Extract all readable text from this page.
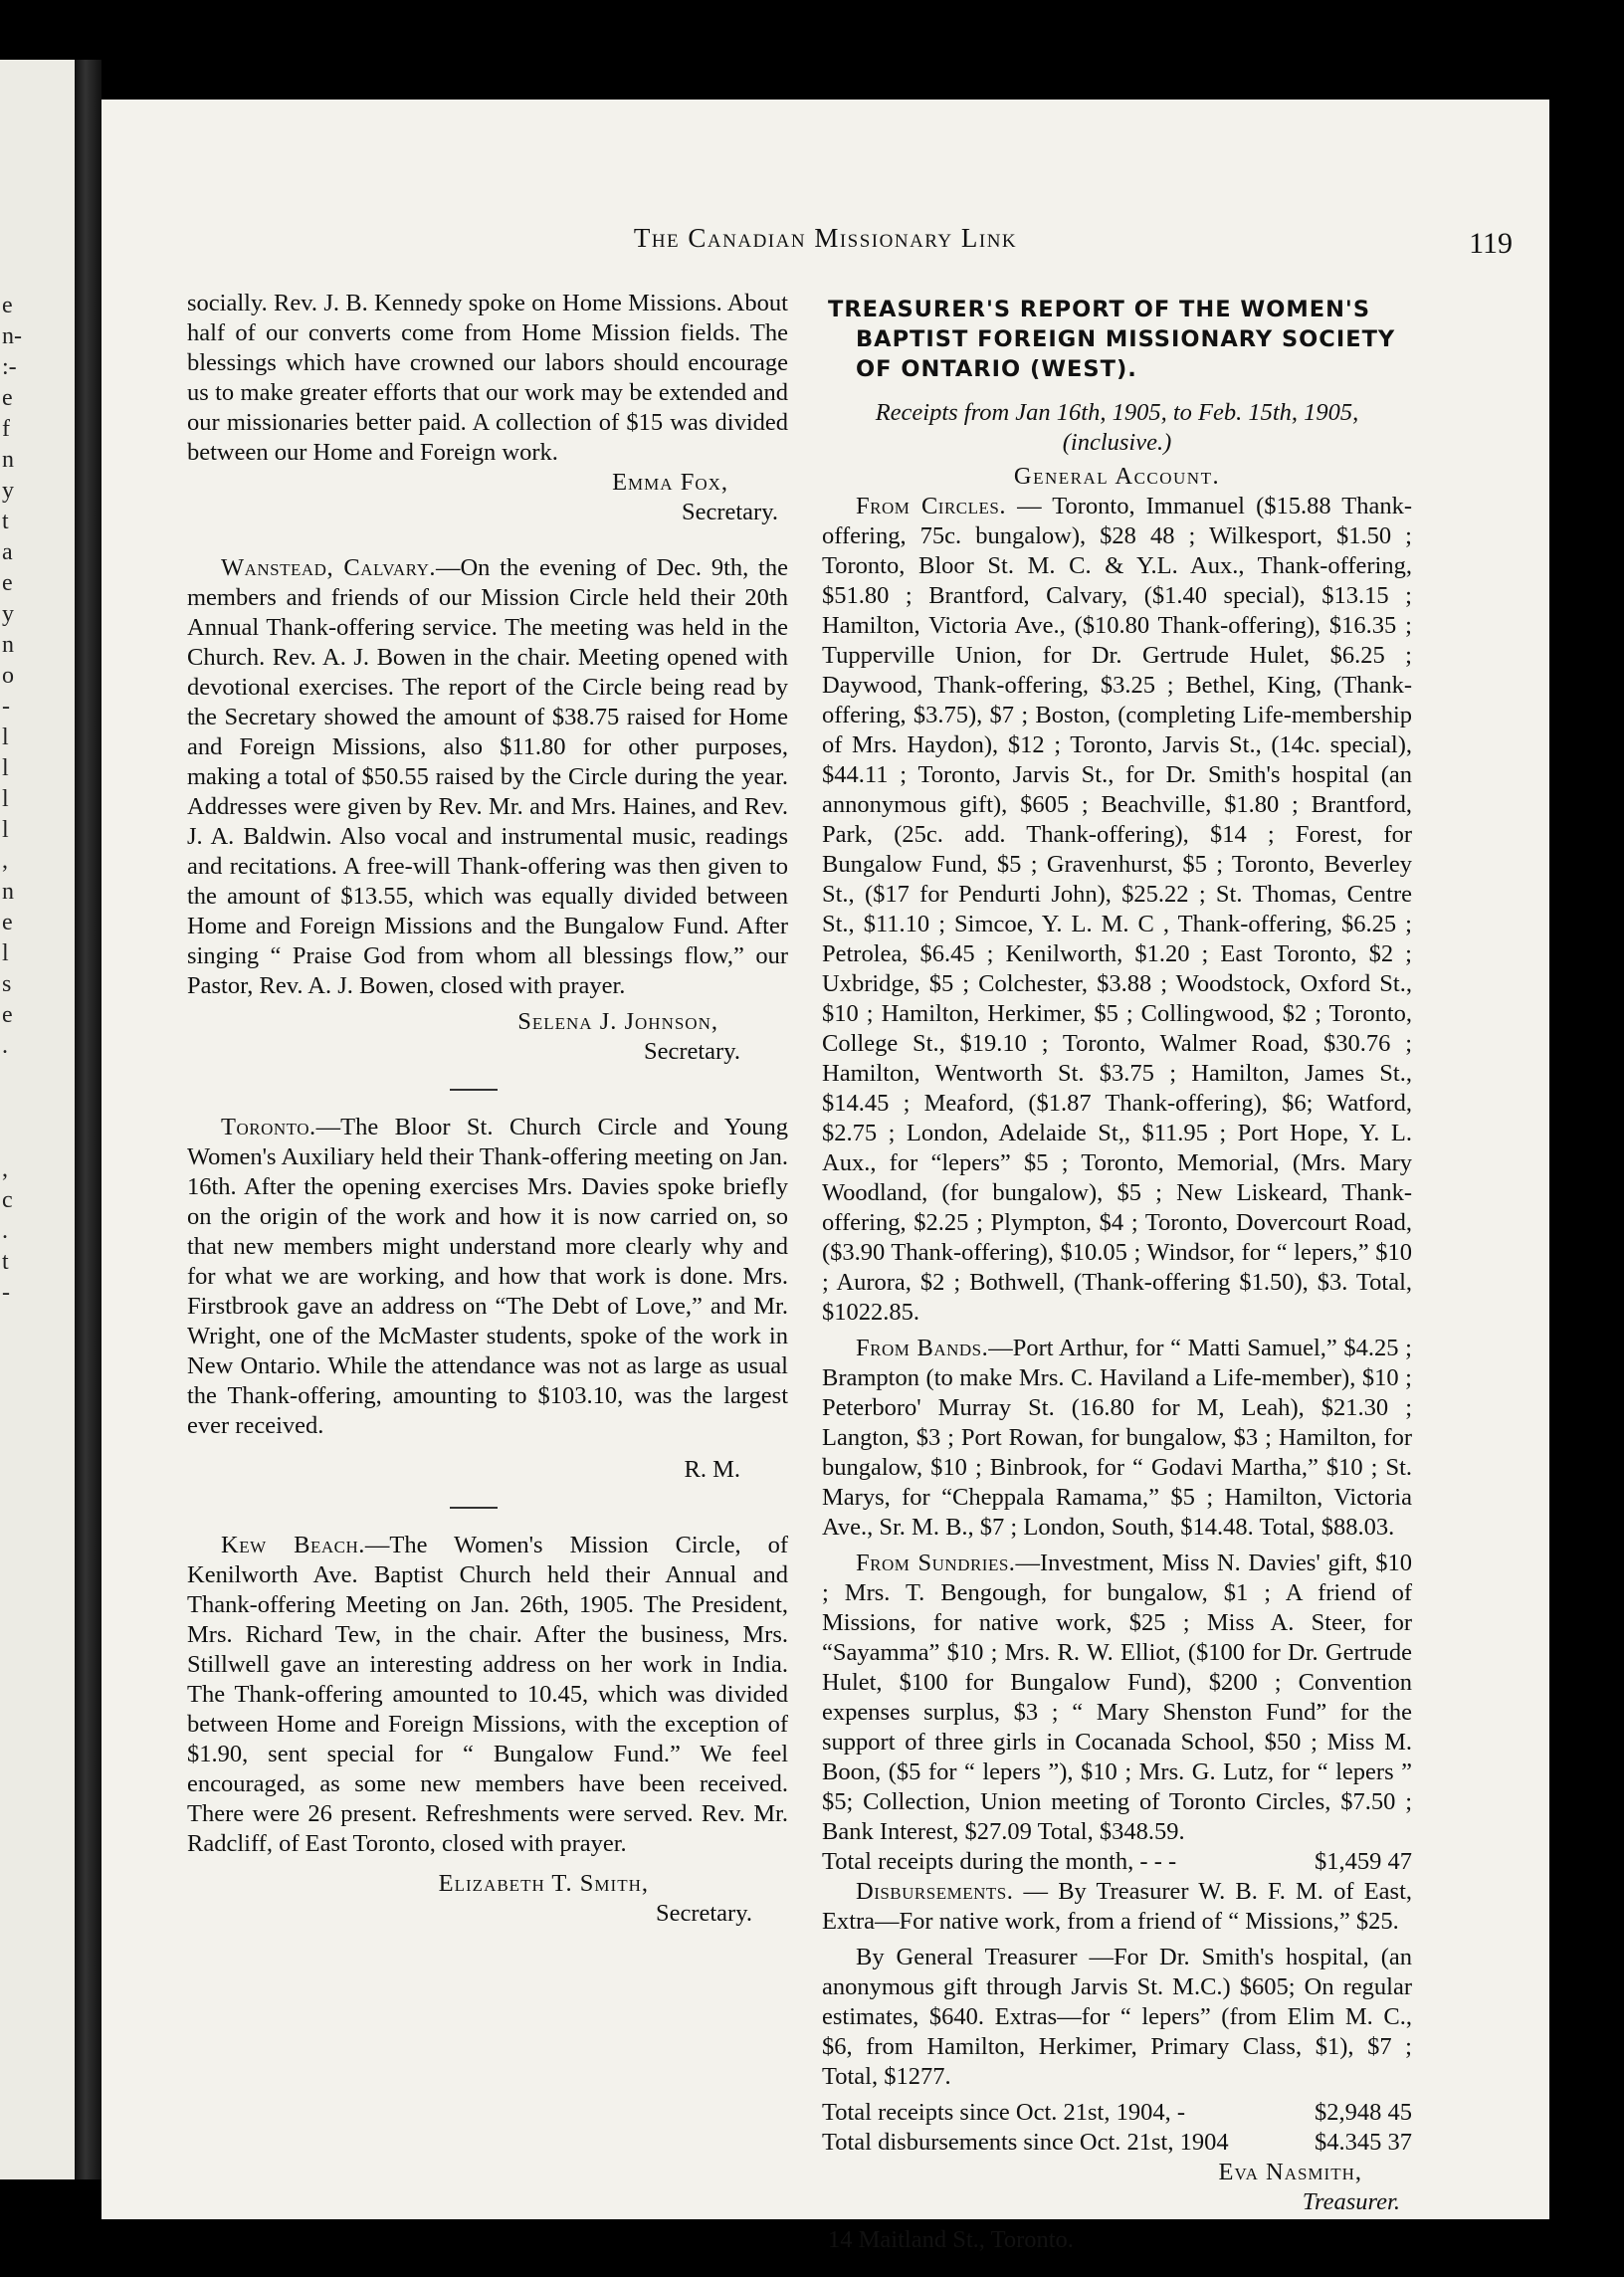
e
n-
:-
e
f
n
y
t
a
e
y
n
o
-
l
l
l
l
,
n
e
l
s
e
.

,
c
.
t
-
The Canadian Missionary Link	119

socially. Rev. J. B. Kennedy spoke on Home Missions. About half of our converts come from Home Mission fields. The blessings which have crowned our labors should encourage us to make greater efforts that our work may be extended and our missionaries better paid. A collection of $15 was divided between our Home and Foreign work.

Emma Fox,

Secretary.

Wanstead, Calvary.—On the evening of Dec. 9th, the members and friends of our Mission Circle held their 20th Annual Thank-offering service. The meeting was held in the Church. Rev. A. J. Bowen in the chair. Meeting opened with devotional exercises. The report of the Circle being read by the Secretary showed the amount of $38.75 raised for Home and Foreign Missions, also $11.80 for other purposes, making a total of $50.55 raised by the Circle during the year. Addresses were given by Rev. Mr. and Mrs. Haines, and Rev. J. A. Baldwin. Also vocal and instrumental music, readings and recitations. A free-will Thank-offering was then given to the amount of $13.55, which was equally divided between Home and Foreign Missions and the Bungalow Fund. After singing “ Praise God from whom all blessings flow,” our Pastor, Rev. A. J. Bowen, closed with prayer.

Selena J. Johnson,

Secretary.

Toronto.—The Bloor St. Church Circle and Young Women's Auxiliary held their Thank-offering meeting on Jan. 16th. After the opening exercises Mrs. Davies spoke briefly on the origin of the work and how it is now carried on, so that new members might understand more clearly why and for what we are working, and how that work is done. Mrs. Firstbrook gave an address on “The Debt of Love,” and Mr. Wright, one of the McMaster students, spoke of the work in New Ontario. While the attendance was not as large as usual the Thank-offering, amounting to $103.10, was the largest ever received.

R. M.

Kew Beach.—The Women's Mission Circle, of Kenilworth Ave. Baptist Church held their Annual and Thank-offering Meeting on Jan. 26th, 1905. The President, Mrs. Richard Tew, in the chair. After the business, Mrs. Stillwell gave an interesting address on her work in India. The Thank-offering amounted to 10.45, which was divided between Home and Foreign Missions, with the exception of $1.90, sent special for “ Bungalow Fund.” We feel encouraged, as some new members have been received. There were 26 present. Refreshments were served. Rev. Mr. Radcliff, of East Toronto, closed with prayer.

Elizabeth T. Smith,

Secretary.

TREASURER'S REPORT OF THE WOMEN'S
BAPTIST FOREIGN MISSIONARY SOCIETY
OF ONTARIO (WEST).

Receipts from Jan 16th, 1905, to Feb. 15th, 1905,
(inclusive.)

General Account.

From Circles. — Toronto, Immanuel ($15.88 Thank-offering, 75c. bungalow), $28 48 ; Wilkesport, $1.50 ; Toronto, Bloor St. M. C. & Y.L. Aux., Thank-offering, $51.80 ; Brantford, Calvary, ($1.40 special), $13.15 ; Hamilton, Victoria Ave., ($10.80 Thank-offering), $16.35 ; Tupperville Union, for Dr. Gertrude Hulet, $6.25 ; Daywood, Thank-offering, $3.25 ; Bethel, King, (Thank-offering, $3.75), $7 ; Boston, (completing Life-membership of Mrs. Haydon), $12 ; Toronto, Jarvis St., (14c. special), $44.11 ; Toronto, Jarvis St., for Dr. Smith's hospital (an annonymous gift), $605 ; Beachville, $1.80 ; Brantford, Park, (25c. add. Thank-offering), $14 ; Forest, for Bungalow Fund, $5 ; Gravenhurst, $5 ; Toronto, Beverley St., ($17 for Pendurti John), $25.22 ; St. Thomas, Centre St., $11.10 ; Simcoe, Y. L. M. C , Thank-offering, $6.25 ; Petrolea, $6.45 ; Kenilworth, $1.20 ; East Toronto, $2 ; Uxbridge, $5 ; Colchester, $3.88 ; Woodstock, Oxford St., $10 ; Hamilton, Herkimer, $5 ; Collingwood, $2 ; Toronto, College St., $19.10 ; Toronto, Walmer Road, $30.76 ; Hamilton, Wentworth St. $3.75 ; Hamilton, James St., $14.45 ; Meaford, ($1.87 Thank-offering), $6; Watford, $2.75 ; London, Adelaide St,, $11.95 ; Port Hope, Y. L. Aux., for “lepers” $5 ; Toronto, Memorial, (Mrs. Mary Woodland, (for bungalow), $5 ; New Liskeard, Thank-offering, $2.25 ; Plympton, $4 ; Toronto, Dovercourt Road, ($3.90 Thank-offering), $10.05 ; Windsor, for “ lepers,” $10 ; Aurora, $2 ; Bothwell, (Thank-offering $1.50), $3. Total, $1022.85.

From Bands.—Port Arthur, for “ Matti Samuel,” $4.25 ; Brampton (to make Mrs. C. Haviland a Life-member), $10 ; Peterboro' Murray St. (16.80 for M, Leah), $21.30 ; Langton, $3 ; Port Rowan, for bungalow, $3 ; Hamilton, for bungalow, $10 ; Binbrook, for “ Godavi Martha,” $10 ; St. Marys, for “Cheppala Ramama,” $5 ; Hamilton, Victoria Ave., Sr. M. B., $7 ; London, South, $14.48. Total, $88.03.

From Sundries.—Investment, Miss N. Davies' gift, $10 ; Mrs. T. Bengough, for bungalow, $1 ; A friend of Missions, for native work, $25 ; Miss A. Steer, for “Sayamma” $10 ; Mrs. R. W. Elliot, ($100 for Dr. Gertrude Hulet, $100 for Bungalow Fund), $200 ; Convention expenses surplus, $3 ; “ Mary Shenston Fund” for the support of three girls in Cocanada School, $50 ; Miss M. Boon, ($5 for “ lepers ”), $10 ; Mrs. G. Lutz, for “ lepers ” $5; Collection, Union meeting of Toronto Circles, $7.50 ; Bank Interest, $27.09 Total, $348.59.

Total receipts during the month, - - -	$1,459 47

Disbursements. — By Treasurer W. B. F. M. of East, Extra—For native work, from a friend of “ Missions,” $25.

By General Treasurer —For Dr. Smith's hospital, (an anonymous gift through Jarvis St. M.C.) $605; On regular estimates, $640. Extras—for “ lepers” (from Elim M. C., $6, from Hamilton, Herkimer, Primary Class, $1), $7 ; Total, $1277.

Total receipts since Oct. 21st, 1904, -	$2,948 45
Total disbursements since Oct. 21st, 1904	$4.345 37

Eva Nasmith,

Treasurer.

14 Maitland St., Toronto.
